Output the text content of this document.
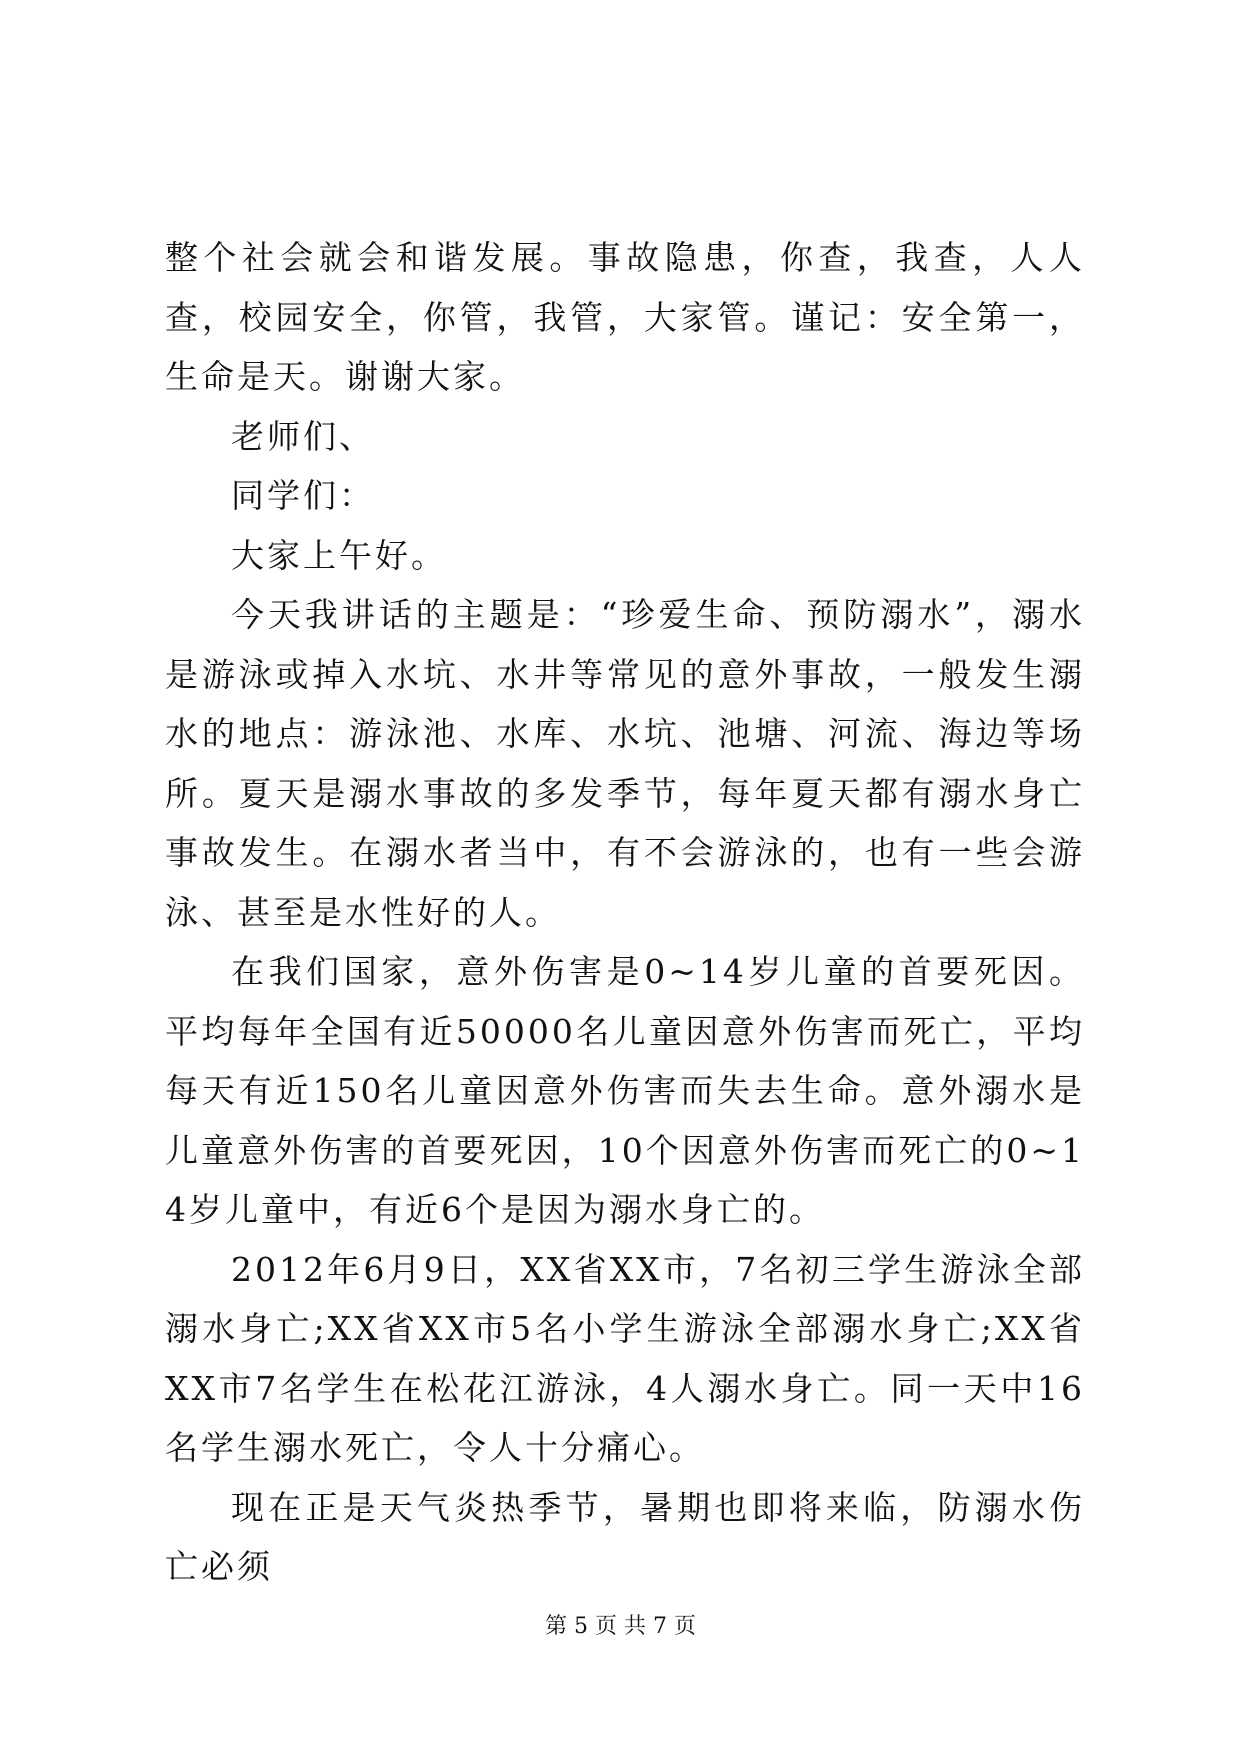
整个社会就会和谐发展。事故隐患，你查，我查，人人查，校园安全，你管，我管，大家管。谨记：安全第一，生命是天。谢谢大家。

老师们、

同学们：

大家上午好。

今天我讲话的主题是：“珍爱生命、预防溺水”，溺水是游泳或掉入水坑、水井等常见的意外事故，一般发生溺水的地点：游泳池、水库、水坑、池塘、河流、海边等场所。夏天是溺水事故的多发季节，每年夏天都有溺水身亡事故发生。在溺水者当中，有不会游泳的，也有一些会游泳、甚至是水性好的人。

在我们国家，意外伤害是0~14岁儿童的首要死因。平均每年全国有近50000名儿童因意外伤害而死亡，平均每天有近150名儿童因意外伤害而失去生命。意外溺水是儿童意外伤害的首要死因，10个因意外伤害而死亡的0~14岁儿童中，有近6个是因为溺水身亡的。

2012年6月9日，XX省XX市，7名初三学生游泳全部溺水身亡;XX省XX市5名小学生游泳全部溺水身亡;XX省XX市7名学生在松花江游泳，4人溺水身亡。同一天中16名学生溺水死亡，令人十分痛心。

现在正是天气炎热季节，暑期也即将来临，防溺水伤亡必须

第 5 页 共 7 页
